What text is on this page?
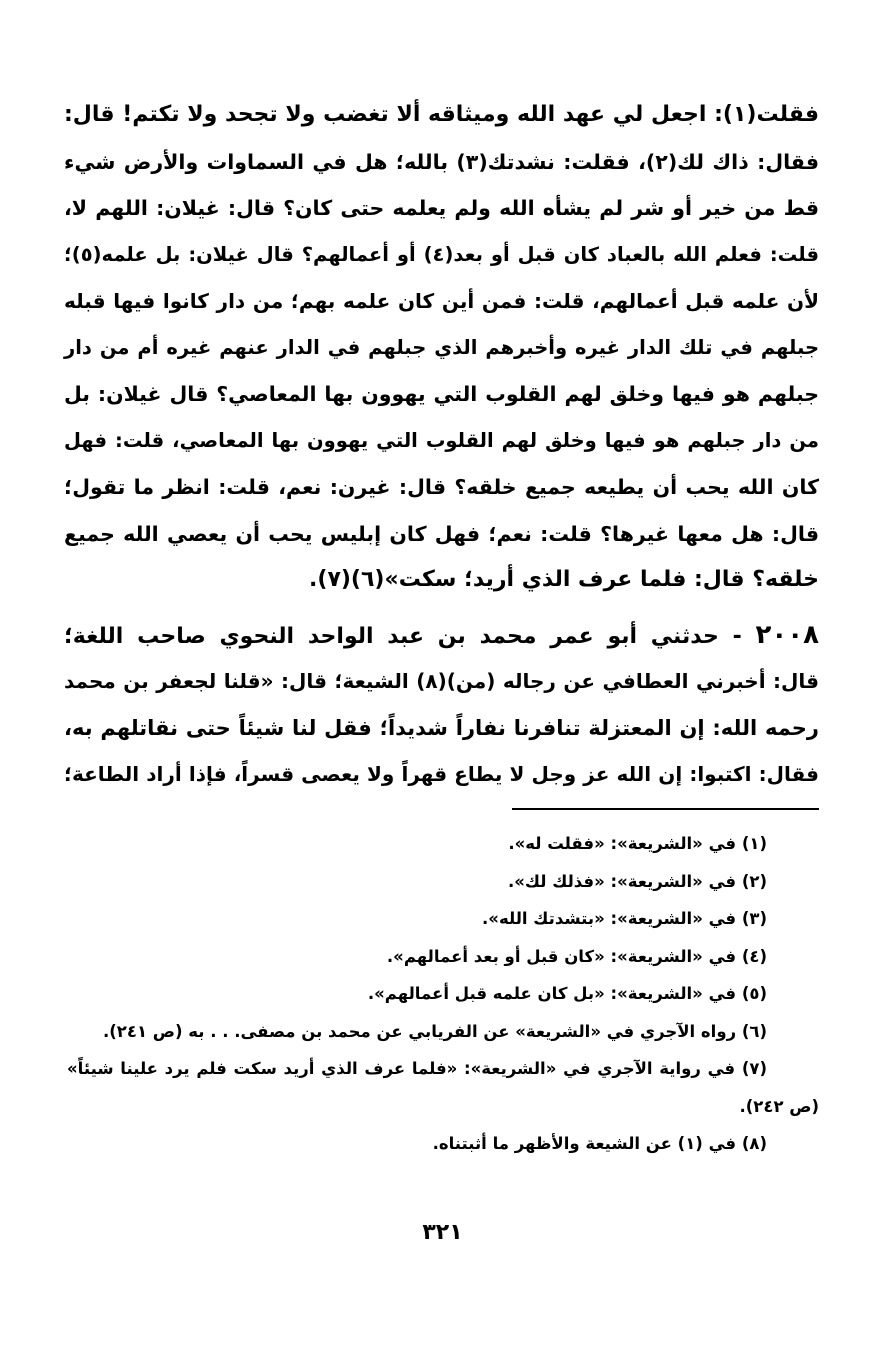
فقلت(١): اجعل لي عهد الله وميثاقه ألا تغضب ولا تجحد ولا تكتم! قال:
فقال: ذاك لك(٢)، فقلت: نشدتك(٣) بالله؛ هل في السماوات والأرض شيء
قط من خير أو شر لم يشأه الله ولم يعلمه حتى كان؟ قال: غيلان: اللهم لا،
قلت: فعلم الله بالعباد كان قبل أو بعد(٤) أو أعمالهم؟ قال غيلان: بل علمه(٥)؛
لأن علمه قبل أعمالهم، قلت: فمن أين كان علمه بهم؛ من دار كانوا فيها قبله
جبلهم في تلك الدار غيره وأخبرهم الذي جبلهم في الدار عنهم غيره أم من دار
جبلهم هو فيها وخلق لهم القلوب التي يهوون بها المعاصي؟ قال غيلان: بل
من دار جبلهم هو فيها وخلق لهم القلوب التي يهوون بها المعاصي، قلت: فهل
كان الله يحب أن يطيعه جميع خلقه؟ قال: غيرن: نعم، قلت: انظر ما تقول؛
قال: هل معها غيرها؟ قلت: نعم؛ فهل كان إبليس يحب أن يعصي الله جميع
خلقه؟ قال: فلما عرف الذي أريد؛ سكت»(٦)(٧).
٢٠٠٨ - حدثني أبو عمر محمد بن عبد الواحد النحوي صاحب اللغة؛
قال: أخبرني العطافي عن رجاله (من)(٨) الشيعة؛ قال: «قلنا لجعفر بن محمد
رحمه الله: إن المعتزلة تنافرنا نفاراً شديداً؛ فقل لنا شيئاً حتى نقاتلهم به،
فقال: اكتبوا: إن الله عز وجل لا يطاع قهراً ولا يعصى قسراً، فإذا أراد الطاعة؛
(١) في «الشريعة»: «فقلت له».
(٢) في «الشريعة»: «فذلك لك».
(٣) في «الشريعة»: «بتشدتك الله».
(٤) في «الشريعة»: «كان قبل أو بعد أعمالهم».
(٥) في «الشريعة»: «بل كان علمه قبل أعمالهم».
(٦) رواه الآجري في «الشريعة» عن الفريابي عن محمد بن مصفى. . . به (ص ٢٤١).
(٧) في رواية الآجري في «الشريعة»: «فلما عرف الذي أريد سكت فلم يرد علينا شيئاً»
(ص ٢٤٢).
(٨) في (١) عن الشيعة والأظهر ما أثبتناه.
٣٢١
